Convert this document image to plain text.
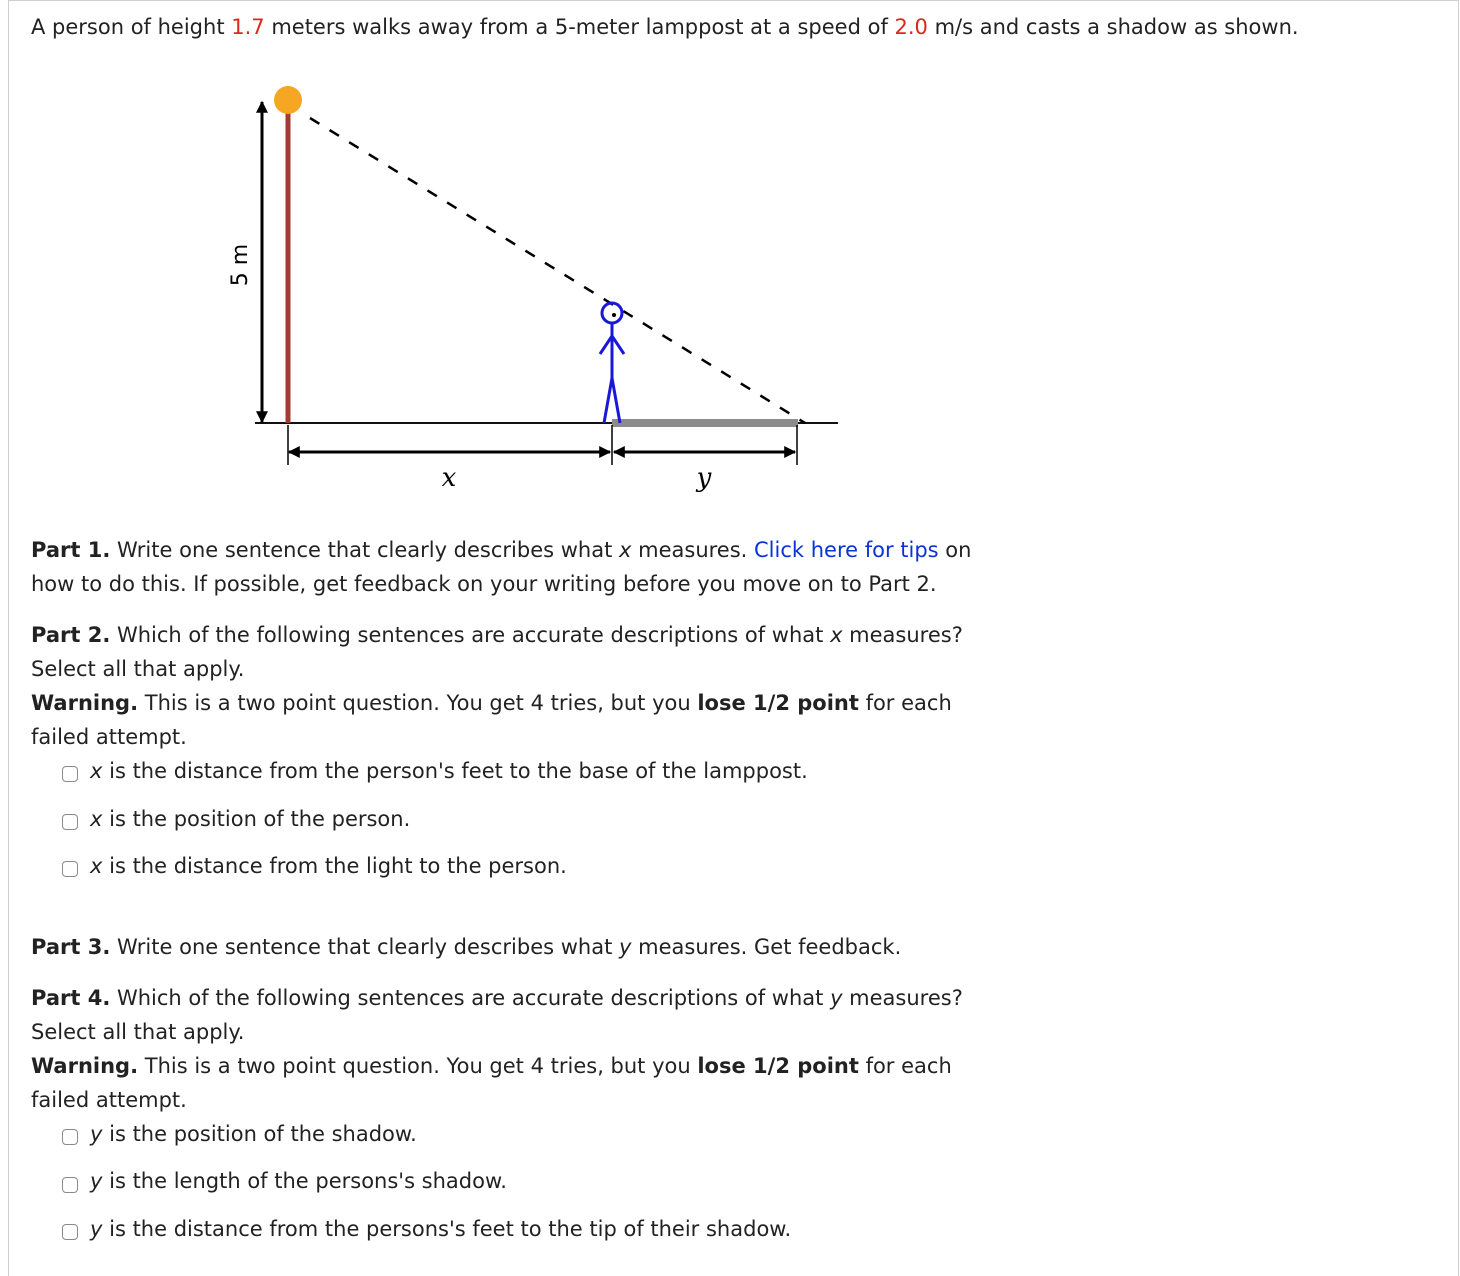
A person of height 1.7 meters walks away from a 5-meter lamppost at a speed of 2.0 m/s and casts a shadow as shown.
5 m
x	y
Part 1. Write one sentence that clearly describes what x measures. Click here for tips on
how to do this. If possible, get feedback on your writing before you move on to Part 2.
Part 2. Which of the following sentences are accurate descriptions of what x measures?
Select all that apply.
Warning. This is a two point question. You get 4 tries, but you lose 1/2 point for each
failed attempt.
x is the distance from the person's feet to the base of the lamppost.
x is the position of the person.
x is the distance from the light to the person.
Part 3. Write one sentence that clearly describes what y measures. Get feedback.
Part 4. Which of the following sentences are accurate descriptions of what y measures?
Select all that apply.
Warning. This is a two point question. You get 4 tries, but you lose 1/2 point for each
failed attempt.
y is the position of the shadow.
y is the length of the persons's shadow.
y is the distance from the persons's feet to the tip of their shadow.
